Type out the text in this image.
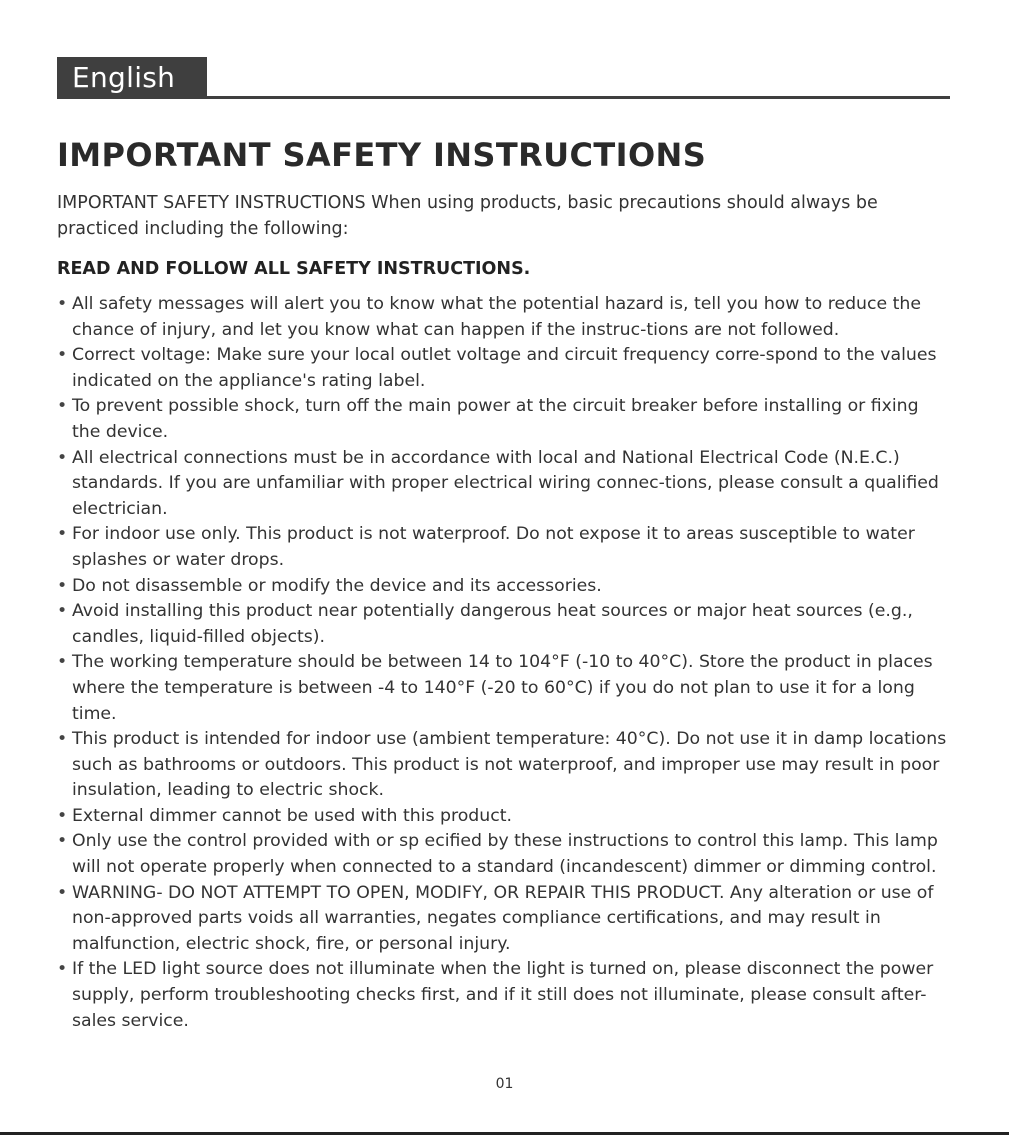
English
IMPORTANT SAFETY INSTRUCTIONS

IMPORTANT SAFETY INSTRUCTIONS When using products, basic precautions should always be practiced including the following:

READ AND FOLLOW ALL SAFETY INSTRUCTIONS.

• All safety messages will alert you to know what the potential hazard is, tell you how to reduce the chance of injury, and let you know what can happen if the instruc-tions are not followed.
• Correct voltage: Make sure your local outlet voltage and circuit frequency corre-spond to the values indicated on the appliance's rating label.
• To prevent possible shock, turn off the main power at the circuit breaker before installing or fixing the device.
• All electrical connections must be in accordance with local and National Electrical Code (N.E.C.) standards. If you are unfamiliar with proper electrical wiring connec-tions, please consult a qualified electrician.
• For indoor use only. This product is not waterproof. Do not expose it to areas susceptible to water splashes or water drops.
• Do not disassemble or modify the device and its accessories.
• Avoid installing this product near potentially dangerous heat sources or major heat sources (e.g., candles, liquid-filled objects).
• The working temperature should be between 14 to 104°F (-10 to 40°C). Store the product in places where the temperature is between -4 to 140°F (-20 to 60°C) if you do not plan to use it for a long time.
• This product is intended for indoor use (ambient temperature: 40°C). Do not use it in damp locations such as bathrooms or outdoors. This product is not waterproof, and improper use may result in poor insulation, leading to electric shock.
• External dimmer cannot be used with this product.
• Only use the control provided with or sp ecified by these instructions to control this lamp. This lamp will not operate properly when connected to a standard (incandescent) dimmer or dimming control.
• WARNING- DO NOT ATTEMPT TO OPEN, MODIFY, OR REPAIR THIS PRODUCT. Any alteration or use of non-approved parts voids all warranties, negates compliance certifications, and may result in malfunction, electric shock, fire, or personal injury.
• If the LED light source does not illuminate when the light is turned on, please disconnect the power supply, perform troubleshooting checks first, and if it still does not illuminate, please consult after-sales service.
01
